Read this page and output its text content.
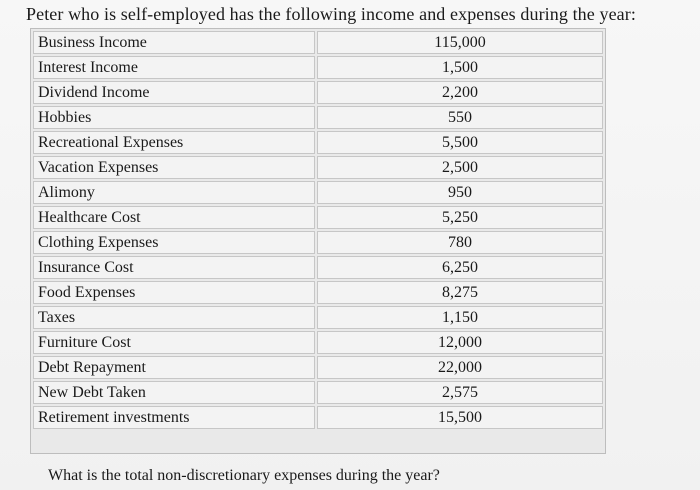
Peter who is self-employed has the following income and expenses during the year:
Business Income	115,000
Interest Income	1,500
Dividend Income	2,200
Hobbies	550
Recreational Expenses	5,500
Vacation Expenses	2,500
Alimony	950
Healthcare Cost	5,250
Clothing Expenses	780
Insurance Cost	6,250
Food Expenses	8,275
Taxes	1,150
Furniture Cost	12,000
Debt Repayment	22,000
New Debt Taken	2,575
Retirement investments	15,500
What is the total non-discretionary expenses during the year?
